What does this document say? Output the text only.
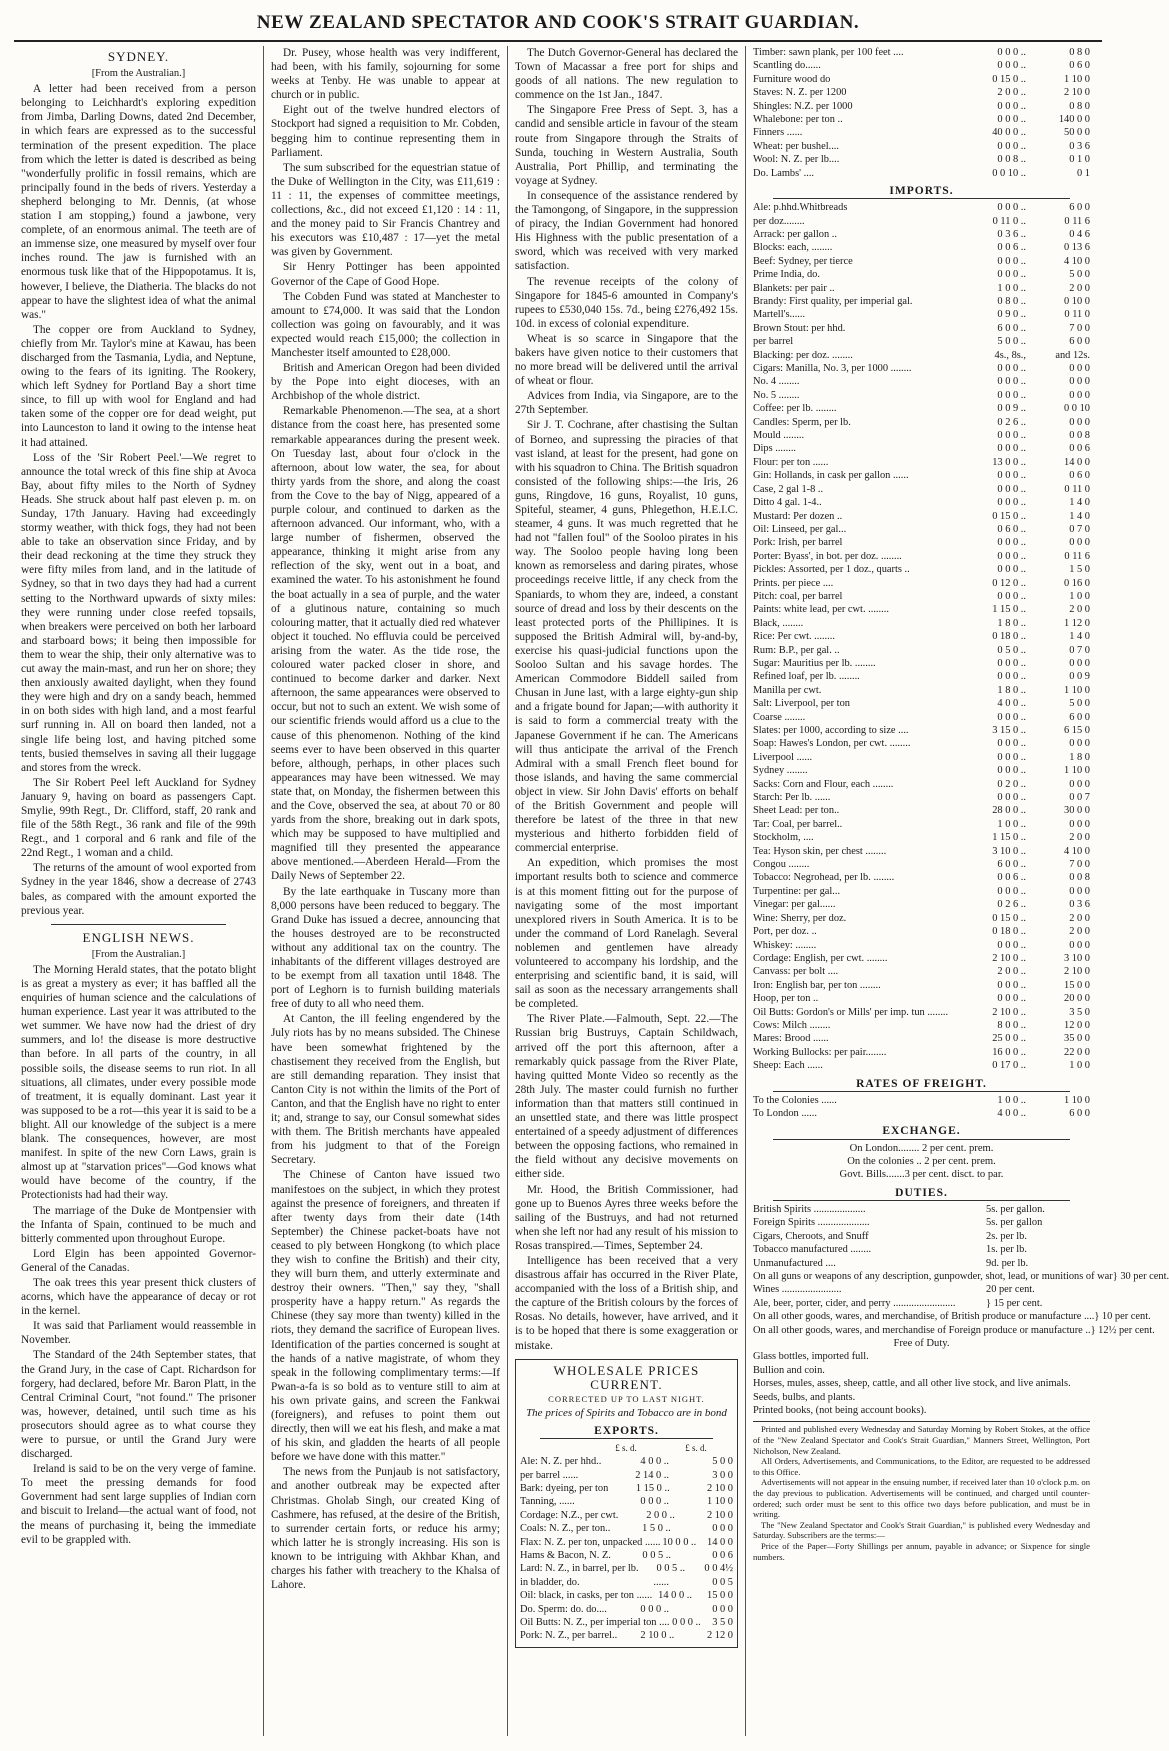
NEW ZEALAND SPECTATOR AND COOK'S STRAIT GUARDIAN.
SYDNEY.
[From the Australian.]

A letter had been received from a person belonging to Leichhardt's exploring expedition from Jimba, Darling Downs, dated 2nd December, in which fears are expressed as to the successful termination of the present expedition. The place from which the letter is dated is described as being "wonderfully prolific in fossil remains, which are principally found in the beds of rivers. Yesterday a shepherd belonging to Mr. Dennis, (at whose station I am stopping,) found a jawbone, very complete, of an enormous animal. The teeth are of an immense size, one measured by myself over four inches round. The jaw is furnished with an enormous tusk like that of the Hippopotamus. It is, however, I believe, the Diatheria. The blacks do not appear to have the slightest idea of what the animal was."

The copper ore from Auckland to Sydney, chiefly from Mr. Taylor's mine at Kawau, has been discharged from the Tasmania, Lydia, and Neptune, owing to the fears of its igniting. The Rookery, which left Sydney for Portland Bay a short time since, to fill up with wool for England and had taken some of the copper ore for dead weight, put into Launceston to land it owing to the intense heat it had attained.

Loss of the 'Sir Robert Peel.'—We regret to announce the total wreck of this fine ship at Avoca Bay, about fifty miles to the North of Sydney Heads. She struck about half past eleven p. m. on Sunday, 17th January. Having had exceedingly stormy weather, with thick fogs, they had not been able to take an observation since Friday, and by their dead reckoning at the time they struck they were fifty miles from land, and in the latitude of Sydney, so that in two days they had had a current setting to the Northward upwards of sixty miles: they were running under close reefed topsails, when breakers were perceived on both her larboard and starboard bows; it being then impossible for them to wear the ship, their only alternative was to cut away the main-mast, and run her on shore; they then anxiously awaited daylight, when they found they were high and dry on a sandy beach, hemmed in on both sides with high land, and a most fearful surf running in. All on board then landed, not a single life being lost, and having pitched some tents, busied themselves in saving all their luggage and stores from the wreck.

The Sir Robert Peel left Auckland for Sydney January 9, having on board as passengers Capt. Smylie, 99th Regt., Dr. Clifford, staff, 20 rank and file of the 58th Regt., 36 rank and file of the 99th Regt., and 1 corporal and 6 rank and file of the 22nd Regt., 1 woman and a child.

The returns of the amount of wool exported from Sydney in the year 1846, show a decrease of 2743 bales, as compared with the amount exported the previous year.

ENGLISH NEWS.
[From the Australian.]

The Morning Herald states, that the potato blight is as great a mystery as ever; it has baffled all the enquiries of human science and the calculations of human experience. Last year it was attributed to the wet summer. We have now had the driest of dry summers, and lo! the disease is more destructive than before. In all parts of the country, in all possible soils, the disease seems to run riot. In all situations, all climates, under every possible mode of treatment, it is equally dominant. Last year it was supposed to be a rot—this year it is said to be a blight. All our knowledge of the subject is a mere blank. The consequences, however, are most manifest. In spite of the new Corn Laws, grain is almost up at "starvation prices"—God knows what would have become of the country, if the Protectionists had had their way.

The marriage of the Duke de Montpensier with the Infanta of Spain, continued to be much and bitterly commented upon throughout Europe.

Lord Elgin has been appointed Governor-General of the Canadas.

The oak trees this year present thick clusters of acorns, which have the appearance of decay or rot in the kernel.

It was said that Parliament would reassemble in November.

The Standard of the 24th September states, that the Grand Jury, in the case of Capt. Richardson for forgery, had declared, before Mr. Baron Platt, in the Central Criminal Court, "not found." The prisoner was, however, detained, until such time as his prosecutors should agree as to what course they were to pursue, or until the Grand Jury were discharged.

Ireland is said to be on the very verge of famine. To meet the pressing demands for food Government had sent large supplies of Indian corn and biscuit to Ireland—the actual want of food, not the means of purchasing it, being the immediate evil to be grappled with.

Dr. Pusey, whose health was very indifferent, had been, with his family, sojourning for some weeks at Tenby. He was unable to appear at church or in public.

Eight out of the twelve hundred electors of Stockport had signed a requisition to Mr. Cobden, begging him to continue representing them in Parliament.

The sum subscribed for the equestrian statue of the Duke of Wellington in the City, was £11,619 : 11 : 11, the expenses of committee meetings, collections, &c., did not exceed £1,120 : 14 : 11, and the money paid to Sir Francis Chantrey and his executors was £10,487 : 17—yet the metal was given by Government.

Sir Henry Pottinger has been appointed Governor of the Cape of Good Hope.

The Cobden Fund was stated at Manchester to amount to £74,000. It was said that the London collection was going on favourably, and it was expected would reach £15,000; the collection in Manchester itself amounted to £28,000.

British and American Oregon had been divided by the Pope into eight dioceses, with an Archbishop of the whole district.

Remarkable Phenomenon.—The sea, at a short distance from the coast here, has presented some remarkable appearances during the present week. On Tuesday last, about four o'clock in the afternoon, about low water, the sea, for about thirty yards from the shore, and along the coast from the Cove to the bay of Nigg, appeared of a purple colour, and continued to darken as the afternoon advanced. Our informant, who, with a large number of fishermen, observed the appearance, thinking it might arise from any reflection of the sky, went out in a boat, and examined the water. To his astonishment he found the boat actually in a sea of purple, and the water of a glutinous nature, containing so much colouring matter, that it actually died red whatever object it touched. No effluvia could be perceived arising from the water. As the tide rose, the coloured water packed closer in shore, and continued to become darker and darker. Next afternoon, the same appearances were observed to occur, but not to such an extent. We wish some of our scientific friends would afford us a clue to the cause of this phenomenon. Nothing of the kind seems ever to have been observed in this quarter before, although, perhaps, in other places such appearances may have been witnessed. We may state that, on Monday, the fishermen between this and the Cove, observed the sea, at about 70 or 80 yards from the shore, breaking out in dark spots, which may be supposed to have multiplied and magnified till they presented the appearance above mentioned.—Aberdeen Herald—From the Daily News of September 22.

By the late earthquake in Tuscany more than 8,000 persons have been reduced to beggary. The Grand Duke has issued a decree, announcing that the houses destroyed are to be reconstructed without any additional tax on the country. The inhabitants of the different villages destroyed are to be exempt from all taxation until 1848. The port of Leghorn is to furnish building materials free of duty to all who need them.

At Canton, the ill feeling engendered by the July riots has by no means subsided. The Chinese have been somewhat frightened by the chastisement they received from the English, but are still demanding reparation. They insist that Canton City is not within the limits of the Port of Canton, and that the English have no right to enter it; and, strange to say, our Consul somewhat sides with them. The British merchants have appealed from his judgment to that of the Foreign Secretary.

The Chinese of Canton have issued two manifestoes on the subject, in which they protest against the presence of foreigners, and threaten if after twenty days from their date (14th September) the Chinese packet-boats have not ceased to ply between Hongkong (to which place they wish to confine the British) and their city, they will burn them, and utterly exterminate and destroy their owners. "Then," say they, "shall prosperity have a happy return." As regards the Chinese (they say more than twenty) killed in the riots, they demand the sacrifice of European lives. Identification of the parties concerned is sought at the hands of a native magistrate, of whom they speak in the following complimentary terms:—If Pwan-a-fa is so bold as to venture still to aim at his own private gains, and screen the Fankwai (foreigners), and refuses to point them out directly, then will we eat his flesh, and make a mat of his skin, and gladden the hearts of all people before we have done with this matter."

The news from the Punjaub is not satisfactory, and another outbreak may be expected after Christmas. Gholab Singh, our created King of Cashmere, has refused, at the desire of the British, to surrender certain forts, or reduce his army; which latter he is strongly increasing. His son is known to be intriguing with Akhbar Khan, and charges his father with treachery to the Khalsa of Lahore.

The Dutch Governor-General has declared the Town of Macassar a free port for ships and goods of all nations. The new regulation to commence on the 1st Jan., 1847.

The Singapore Free Press of Sept. 3, has a candid and sensible article in favour of the steam route from Singapore through the Straits of Sunda, touching in Western Australia, South Australia, Port Phillip, and terminating the voyage at Sydney.

In consequence of the assistance rendered by the Tamongong, of Singapore, in the suppression of piracy, the Indian Government had honored His Highness with the public presentation of a sword, which was received with very marked satisfaction.

The revenue receipts of the colony of Singapore for 1845-6 amounted in Company's rupees to £530,040 15s. 7d., being £276,492 15s. 10d. in excess of colonial expenditure.

Wheat is so scarce in Singapore that the bakers have given notice to their customers that no more bread will be delivered until the arrival of wheat or flour.

Advices from India, via Singapore, are to the 27th September.

Sir J. T. Cochrane, after chastising the Sultan of Borneo, and supressing the piracies of that vast island, at least for the present, had gone on with his squadron to China. The British squadron consisted of the following ships:—the Iris, 26 guns, Ringdove, 16 guns, Royalist, 10 guns, Spiteful, steamer, 4 guns, Phlegethon, H.E.I.C. steamer, 4 guns. It was much regretted that he had not "fallen foul" of the Sooloo pirates in his way. The Sooloo people having long been known as remorseless and daring pirates, whose proceedings receive little, if any check from the Spaniards, to whom they are, indeed, a constant source of dread and loss by their descents on the least protected ports of the Phillipines. It is supposed the British Admiral will, by-and-by, exercise his quasi-judicial functions upon the Sooloo Sultan and his savage hordes. The American Commodore Biddell sailed from Chusan in June last, with a large eighty-gun ship and a frigate bound for Japan;—with authority it is said to form a commercial treaty with the Japanese Government if he can. The Americans will thus anticipate the arrival of the French Admiral with a small French fleet bound for those islands, and having the same commercial object in view. Sir John Davis' efforts on behalf of the British Government and people will therefore be latest of the three in that new mysterious and hitherto forbidden field of commercial enterprise.

An expedition, which promises the most important results both to science and commerce is at this moment fitting out for the purpose of navigating some of the most important unexplored rivers in South America. It is to be under the command of Lord Ranelagh. Several noblemen and gentlemen have already volunteered to accompany his lordship, and the enterprising and scientific band, it is said, will sail as soon as the necessary arrangements shall be completed.

The River Plate.—Falmouth, Sept. 22.—The Russian brig Bustruys, Captain Schildwach, arrived off the port this afternoon, after a remarkably quick passage from the River Plate, having quitted Monte Video so recently as the 28th July. The master could furnish no further information than that matters still continued in an unsettled state, and there was little prospect entertained of a speedy adjustment of differences between the opposing factions, who remained in the field without any decisive movements on either side.

Mr. Hood, the British Commissioner, had gone up to Buenos Ayres three weeks before the sailing of the Bustruys, and had not returned when she left nor had any result of his mission to Rosas transpired.—Times, September 24.

Intelligence has been received that a very disastrous affair has occurred in the River Plate, accompanied with the loss of a British ship, and the capture of the British colours by the forces of Rosas. No details, however, have arrived, and it is to be hoped that there is some exaggeration or mistake.

WHOLESALE PRICES CURRENT.
CORRECTED UP TO LAST NIGHT.
The prices of Spirits and Tobacco are in bond
EXPORTS.
£ s. d.	£ s. d.
Ale: N. Z. per hhd..	4 0 0 ..	5 0 0
per barrel ......	2 14 0 ..	3 0 0
Bark: dyeing, per ton	1 15 0 ..	2 10 0
Tanning, ......	0 0 0 ..	1 10 0
Cordage: N.Z., per cwt.	2 0 0 ..	2 10 0
Coals: N. Z., per ton..	1 5 0 ..	0 0 0
Flax: N. Z. per ton, unpacked ...... 10 0 0 ..	14 0 0
Hams & Bacon, N. Z.	0 0 5 ..	0 0 6
Lard: N. Z., in barrel, per lb.	0 0 5 ..	0 0 4½
in bladder, do.	......	0 0 5
Oil: black, in casks, per ton ...... 14 0 0 ..	15 0 0
Do. Sperm: do. do....	0 0 0 ..	0 0 0
Oil Butts: N. Z., per imperial ton .... 0 0 0 ..	3 5 0
Pork: N. Z., per barrel..	2 10 0 ..	2 12 0
Timber: sawn plank, per 100 feet ....	0 0 0 ..	0 8 0
Scantling do......	0 0 0 ..	0 6 0
Furniture wood do	0 15 0 ..	1 10 0
Staves: N. Z. per 1200	2 0 0 ..	2 10 0
Shingles: N.Z. per 1000	0 0 0 ..	0 8 0
Whalebone: per ton ..	0 0 0 ..	140 0 0
Finners ......	40 0 0 ..	50 0 0
Wheat: per bushel....	0 0 0 ..	0 3 6
Wool: N. Z. per lb....	0 0 8 ..	0 1 0
Do. Lambs' ....	0 0 10 ..	0 1
IMPORTS.
Ale: p.hhd.Whitbreads	0 0 0 ..	6 0 0
per doz........	0 11 0 ..	0 11 6
Arrack: per gallon ..	0 3 6 ..	0 4 6
Blocks: each, ........	0 0 6 ..	0 13 6
Beef: Sydney, per tierce	0 0 0 ..	4 10 0
Prime India, do.	0 0 0 ..	5 0 0
Blankets: per pair ..	1 0 0 ..	2 0 0
Brandy: First quality, per imperial gal.	0 8 0 ..	0 10 0
Martell's......	0 9 0 ..	0 11 0
Brown Stout: per hhd.	6 0 0 ..	7 0 0
per barrel	5 0 0 ..	6 0 0
Blacking: per doz. ........	4s., 8s.,	and 12s.
Cigars: Manilla, No. 3, per 1000 ........	0 0 0 ..	0 0 0
No. 4 ........	0 0 0 ..	0 0 0
No. 5 ........	0 0 0 ..	0 0 0
Coffee: per lb. ........	0 0 9 ..	0 0 10
Candles: Sperm, per lb.	0 2 6 ..	0 0 0
Mould ........	0 0 0 ..	0 0 8
Dips ........	0 0 0 ..	0 0 6
Flour: per ton ......	13 0 0 ..	14 0 0
Gin: Hollands, in cask per gallon ......	0 0 0 ..	0 6 0
Case, 2 gal 1-8 ..	0 0 0 ..	0 11 0
Ditto 4 gal. 1-4..	0 0 0 ..	1 4 0
Mustard: Per dozen ..	0 15 0 ..	1 4 0
Oil: Linseed, per gal...	0 6 0 ..	0 7 0
Pork: Irish, per barrel	0 0 0 ..	0 0 0
Porter: Byass', in bot. per doz. ........	0 0 0 ..	0 11 6
Pickles: Assorted, per 1 doz., quarts ..	0 0 0 ..	1 5 0
Prints. per piece ....	0 12 0 ..	0 16 0
Pitch: coal, per barrel	0 0 0 ..	1 0 0
Paints: white lead, per cwt. ........	1 15 0 ..	2 0 0
Black, ........	1 8 0 ..	1 12 0
Rice: Per cwt. ........	0 18 0 ..	1 4 0
Rum: B.P., per gal. ..	0 5 0 ..	0 7 0
Sugar: Mauritius per lb. ........	0 0 0 ..	0 0 0
Refined loaf, per lb. ........	0 0 0 ..	0 0 9
Manilla per cwt.	1 8 0 ..	1 10 0
Salt: Liverpool, per ton	4 0 0 ..	5 0 0
Coarse ........	0 0 0 ..	6 0 0
Slates: per 1000, according to size ....	3 15 0 ..	6 15 0
Soap: Hawes's London, per cwt. ........	0 0 0 ..	0 0 0
Liverpool ......	0 0 0 ..	1 8 0
Sydney ........	0 0 0 ..	1 10 0
Sacks: Corn and Flour, each ........	0 2 0 ..	0 0 0
Starch: Per lb. ......	0 0 0 ..	0 0 7
Sheet Lead: per ton..	28 0 0 ..	30 0 0
Tar: Coal, per barrel..	1 0 0 ..	0 0 0
Stockholm, ....	1 15 0 ..	2 0 0
Tea: Hyson skin, per chest ........	3 10 0 ..	4 10 0
Congou ........	6 0 0 ..	7 0 0
Tobacco: Negrohead, per lb. ........	0 0 6 ..	0 0 8
Turpentine: per gal...	0 0 0 ..	0 0 0
Vinegar: per gal......	0 2 6 ..	0 3 6
Wine: Sherry, per doz.	0 15 0 ..	2 0 0
Port, per doz. ..	0 18 0 ..	2 0 0
Whiskey: ........	0 0 0 ..	0 0 0
Cordage: English, per cwt. ........	2 10 0 ..	3 10 0
Canvass: per bolt ....	2 0 0 ..	2 10 0
Iron: English bar, per ton ........	0 0 0 ..	15 0 0
Hoop, per ton ..	0 0 0 ..	20 0 0
Oil Butts: Gordon's or Mills' per imp. tun ........	2 10 0 ..	3 5 0
Cows: Milch ........	8 0 0 ..	12 0 0
Mares: Brood ......	25 0 0 ..	35 0 0
Working Bullocks: per pair........	16 0 0 ..	22 0 0
Sheep: Each ......	0 17 0 ..	1 0 0
RATES OF FREIGHT.
To the Colonies ......	1 0 0 ..	1 10 0
To London ......	4 0 0 ..	6 0 0
EXCHANGE.
On London........ 2 per cent. prem.
On the colonies .. 2 per cent. prem.
Govt. Bills.......3 per cent. disct. to par.
DUTIES.
British Spirits ....................	5s. per gallon.
Foreign Spirits ....................	5s. per gallon
Cigars, Cheroots, and Snuff	2s. per lb.
Tobacco manufactured ........	1s. per lb.
Unmanufactured ....	9d. per lb.
On all guns or weapons of any description, gunpowder, shot, lead, or munitions of war } 30 per cent.
Wines .......................	20 per cent.
Ale, beer, porter, cider, and perry ........................	} 15 per cent.
On all other goods, wares, and merchandise, of British produce or manufacture .... } 10 per cent.
On all other goods, wares, and merchandise of Foreign produce or manufacture .. } 12½ per cent.
Free of Duty.
Glass bottles, imported full.
Bullion and coin.
Horses, mules, asses, sheep, cattle, and all other live stock, and live animals.
Seeds, bulbs, and plants.
Printed books, (not being account books).

Printed and published every Wednesday and Saturday Morning by Robert Stokes, at the office of the "New Zealand Spectator and Cook's Strait Guardian," Manners Street, Wellington, Port Nicholson, New Zealand.

All Orders, Advertisements, and Communications, to the Editor, are requested to be addressed to this Office.

Advertisements will not appear in the ensuing number, if received later than 10 o'clock p.m. on the day previous to publication. Advertisements will be continued, and charged until counter-ordered; such order must be sent to this office two days before publication, and must be in writing.

The "New Zealand Spectator and Cook's Strait Guardian," is published every Wednesday and Saturday. Subscribers are the terms:—

Price of the Paper—Forty Shillings per annum, payable in advance; or Sixpence for single numbers.
